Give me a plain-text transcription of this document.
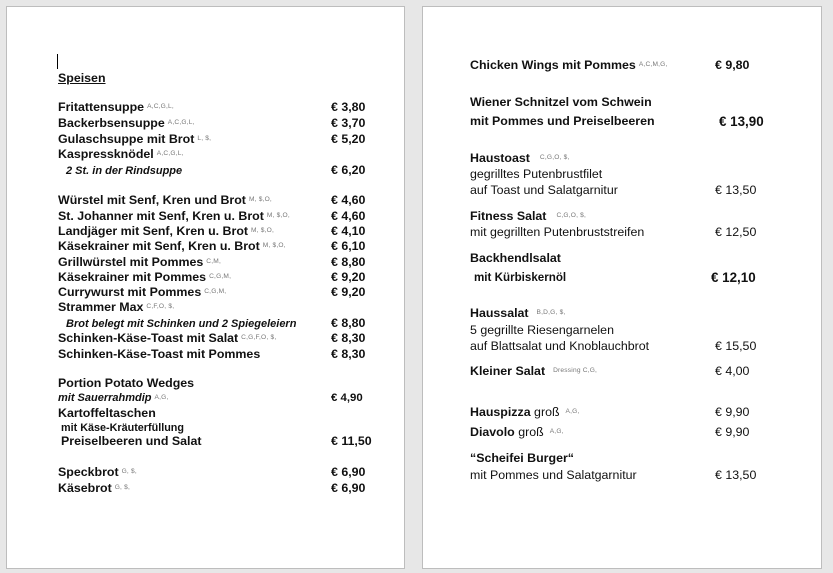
Speisen
Fritattensuppe $^{A,C,G,L,}$	€ 3,80
Backerbsensuppe $^{A,C,G,L,}$	€ 3,70
Gulaschsuppe mit Brot $^{L, \$,}$	€ 5,20
Kaspressknödel $^{A,C,G,L,}$
2 St. in der Rindsuppe	€ 6,20
Würstel mit Senf, Kren und Brot $^{M, \$,O,}$	€ 4,60
St. Johanner mit Senf, Kren u. Brot $^{M, \$,O,}$	€ 4,60
Landjäger mit Senf, Kren u. Brot $^{M, \$,O,}$	€ 4,10
Käsekrainer mit Senf, Kren u. Brot $^{M, \$,O,}$	€ 6,10
Grillwürstel mit Pommes $^{C,M,}$	€ 8,80
Käsekrainer mit Pommes $^{C,G,M,}$	€ 9,20
Currywurst mit Pommes $^{C,G,M,}$	€ 9,20
Strammer Max $^{C,F,O, \$,}$
Brot belegt mit Schinken und 2 Spiegeleiern	€ 8,80
Schinken-Käse-Toast mit Salat $^{C,G,F,O, \$,}$	€ 8,30
Schinken-Käse-Toast mit Pommes	€ 8,30
Portion Potato Wedges
mit Sauerrahmdip $^{A,G,}$	€ 4,90
Kartoffeltaschen
mit Käse-Kräuterfüllung
Preiselbeeren und Salat	€ 11,50
Speckbrot $^{G, \$,}$	€ 6,90
Käsebrot $^{G, \$,}$	€ 6,90
Chicken Wings mit Pommes $^{A,C,M,G,}$	€ 9,80
Wiener Schnitzel vom Schwein
mit Pommes und Preiselbeeren	€ 13,90
Haustoast $^{C,G,O, \$,}$
gegrilltes Putenbrustfilet
auf Toast und Salatgarnitur	€ 13,50
Fitness Salat $^{C,G,O, \$,}$
mit gegrillten Putenbruststreifen	€ 12,50
Backhendlsalat
mit Kürbiskernöl	€ 12,10
Haussalat $^{B,D,G, \$,}$
5 gegrillte Riesengarnelen
auf Blattsalat und Knoblauchbrot	€ 15,50
Kleiner Salat $^{Dressing C,G,}$	€ 4,00
Hauspizza groß $^{A,G,}$	€ 9,90
Diavolo groß $^{A,G,}$	€ 9,90
“Scheifei Burger“
mit Pommes und Salatgarnitur	€ 13,50
